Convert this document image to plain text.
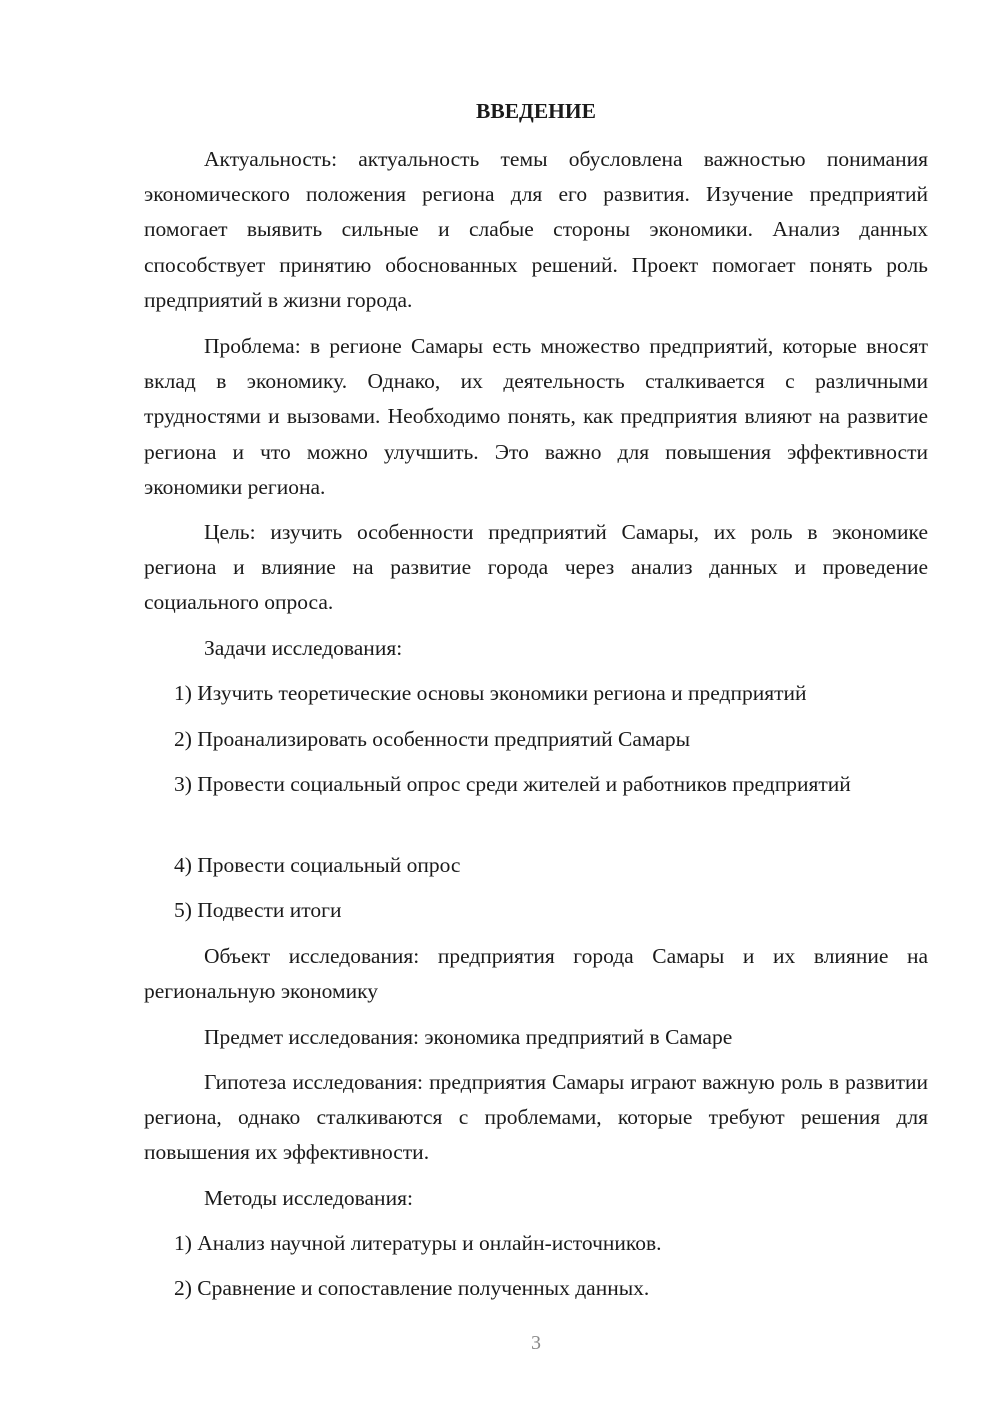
ВВЕДЕНИЕ

Актуальность: актуальность темы обусловлена важностью понимания экономического положения региона для его развития. Изучение предприятий помогает выявить сильные и слабые стороны экономики. Анализ данных способствует принятию обоснованных решений. Проект помогает понять роль предприятий в жизни города.

Проблема: в регионе Самары есть множество предприятий, которые вносят вклад в экономику. Однако, их деятельность сталкивается с различными трудностями и вызовами. Необходимо понять, как предприятия влияют на развитие региона и что можно улучшить. Это важно для повышения эффективности экономики региона.

Цель: изучить особенности предприятий Самары, их роль в экономике региона и влияние на развитие города через анализ данных и проведение социального опроса.

Задачи исследования:
1) Изучить теоретические основы экономики региона и предприятий
2) Проанализировать особенности предприятий Самары

3) Провести социальный опрос среди жителей и работников предприятий

4) Провести социальный опрос
5) Подвести итоги

Объект исследования: предприятия города Самары и их влияние на региональную экономику

Предмет исследования: экономика предприятий в Самаре

Гипотеза исследования: предприятия Самары играют важную роль в развитии региона, однако сталкиваются с проблемами, которые требуют решения для повышения их эффективности.

Методы исследования:
1) Анализ научной литературы и онлайн-источников.
2) Сравнение и сопоставление полученных данных.
3
